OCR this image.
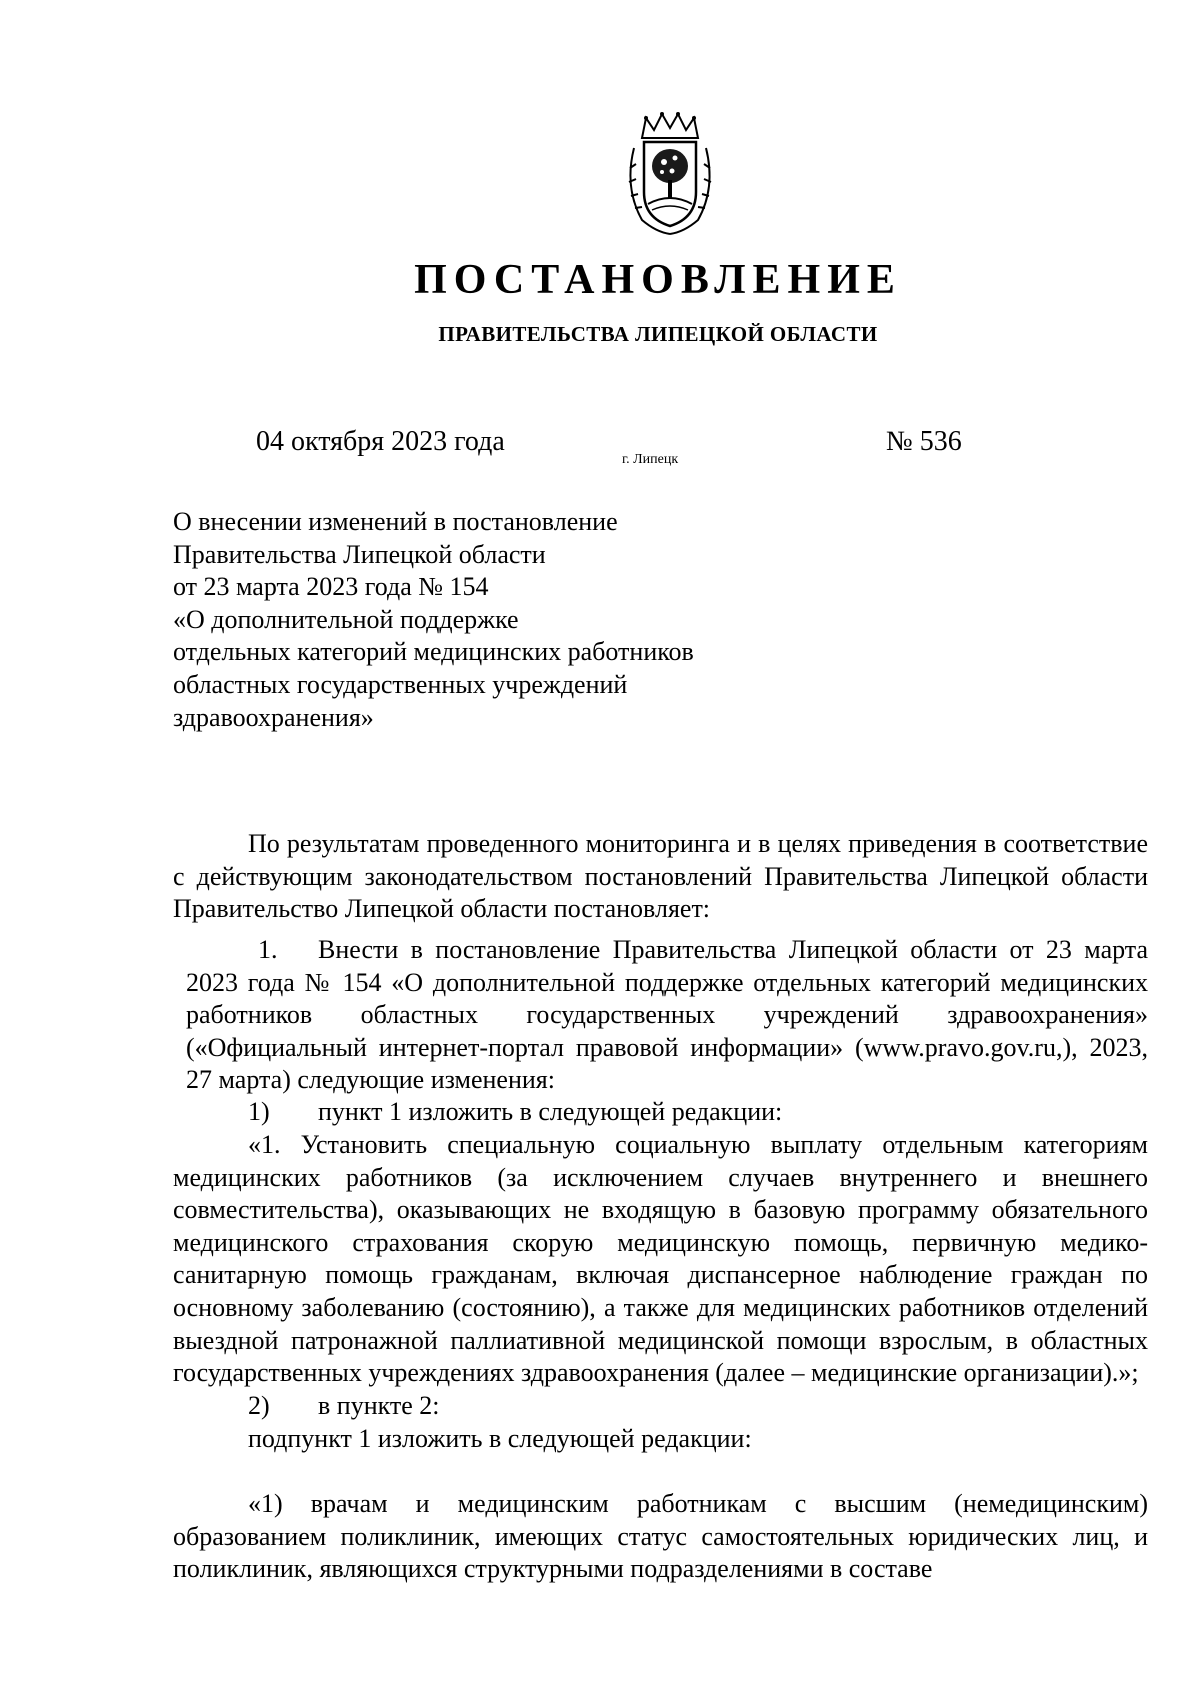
ПОСТАНОВЛЕНИЕ
ПРАВИТЕЛЬСТВА ЛИПЕЦКОЙ ОБЛАСТИ
04 октября 2023 года
г. Липецк
№ 536
О внесении изменений в постановление
Правительства Липецкой области
от 23 марта 2023 года № 154
«О дополнительной поддержке
отдельных категорий медицинских работников
областных государственных учреждений
здравоохранения»
По результатам проведенного мониторинга и в целях приведения в соответствие с действующим законодательством постановлений Правительства Липецкой области Правительство Липецкой области постановляет:
1. Внести в постановление Правительства Липецкой области от 23 марта 2023 года № 154 «О дополнительной поддержке отдельных категорий медицинских работников областных государственных учреждений здравоохранения» («Официальный интернет-портал правовой информации» (www.pravo.gov.ru,), 2023, 27 марта) следующие изменения:
1) пункт 1 изложить в следующей редакции:
«1. Установить специальную социальную выплату отдельным категориям медицинских работников (за исключением случаев внутреннего и внешнего совместительства), оказывающих не входящую в базовую программу обязательного медицинского страхования скорую медицинскую помощь, первичную медико-санитарную помощь гражданам, включая диспансерное наблюдение граждан по основному заболеванию (состоянию), а также для медицинских работников отделений выездной патронажной паллиативной медицинской помощи взрослым, в областных государственных учреждениях здравоохранения (далее – медицинские организации).»;
2) в пункте 2:
подпункт 1 изложить в следующей редакции:
«1) врачам и медицинским работникам с высшим (немедицинским) образованием поликлиник, имеющих статус самостоятельных юридических лиц, и поликлиник, являющихся структурными подразделениями в составе
